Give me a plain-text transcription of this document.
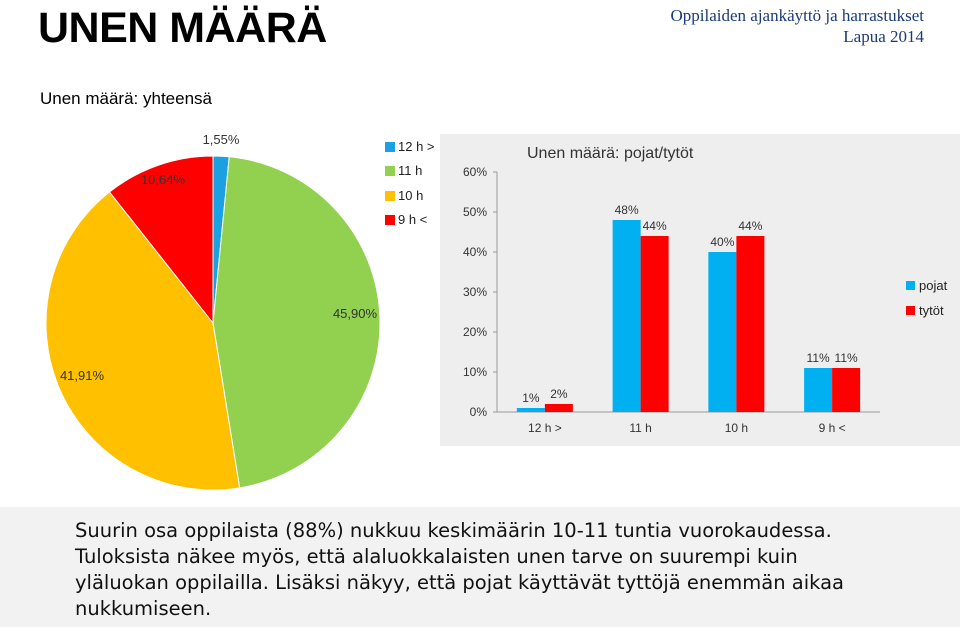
UNEN MÄÄRÄ	Oppilaiden ajankäyttö ja harrastukset
Lapua 2014
Unen määrä: yhteensä
1,55%
45,90%
41,91%
10,64%
12 h >
11 h
10 h
9 h <
Unen määrä: pojat/tytöt
0%
10%
20%
30%
40%
50%
60%
12 h >
1% 2%
11 h
48%
44%
10 h
40%
44%
9 h <
11% 11%
pojat
tytöt

Suurin osa oppilaista (88%) nukkuu keskimäärin 10-11 tuntia vuorokaudessa. Tuloksista näkee myös, että alaluokkalaisten unen tarve on suurempi kuin yläluokan oppilailla. Lisäksi näkyy, että pojat käyttävät tyttöjä enemmän aikaa nukkumiseen.
